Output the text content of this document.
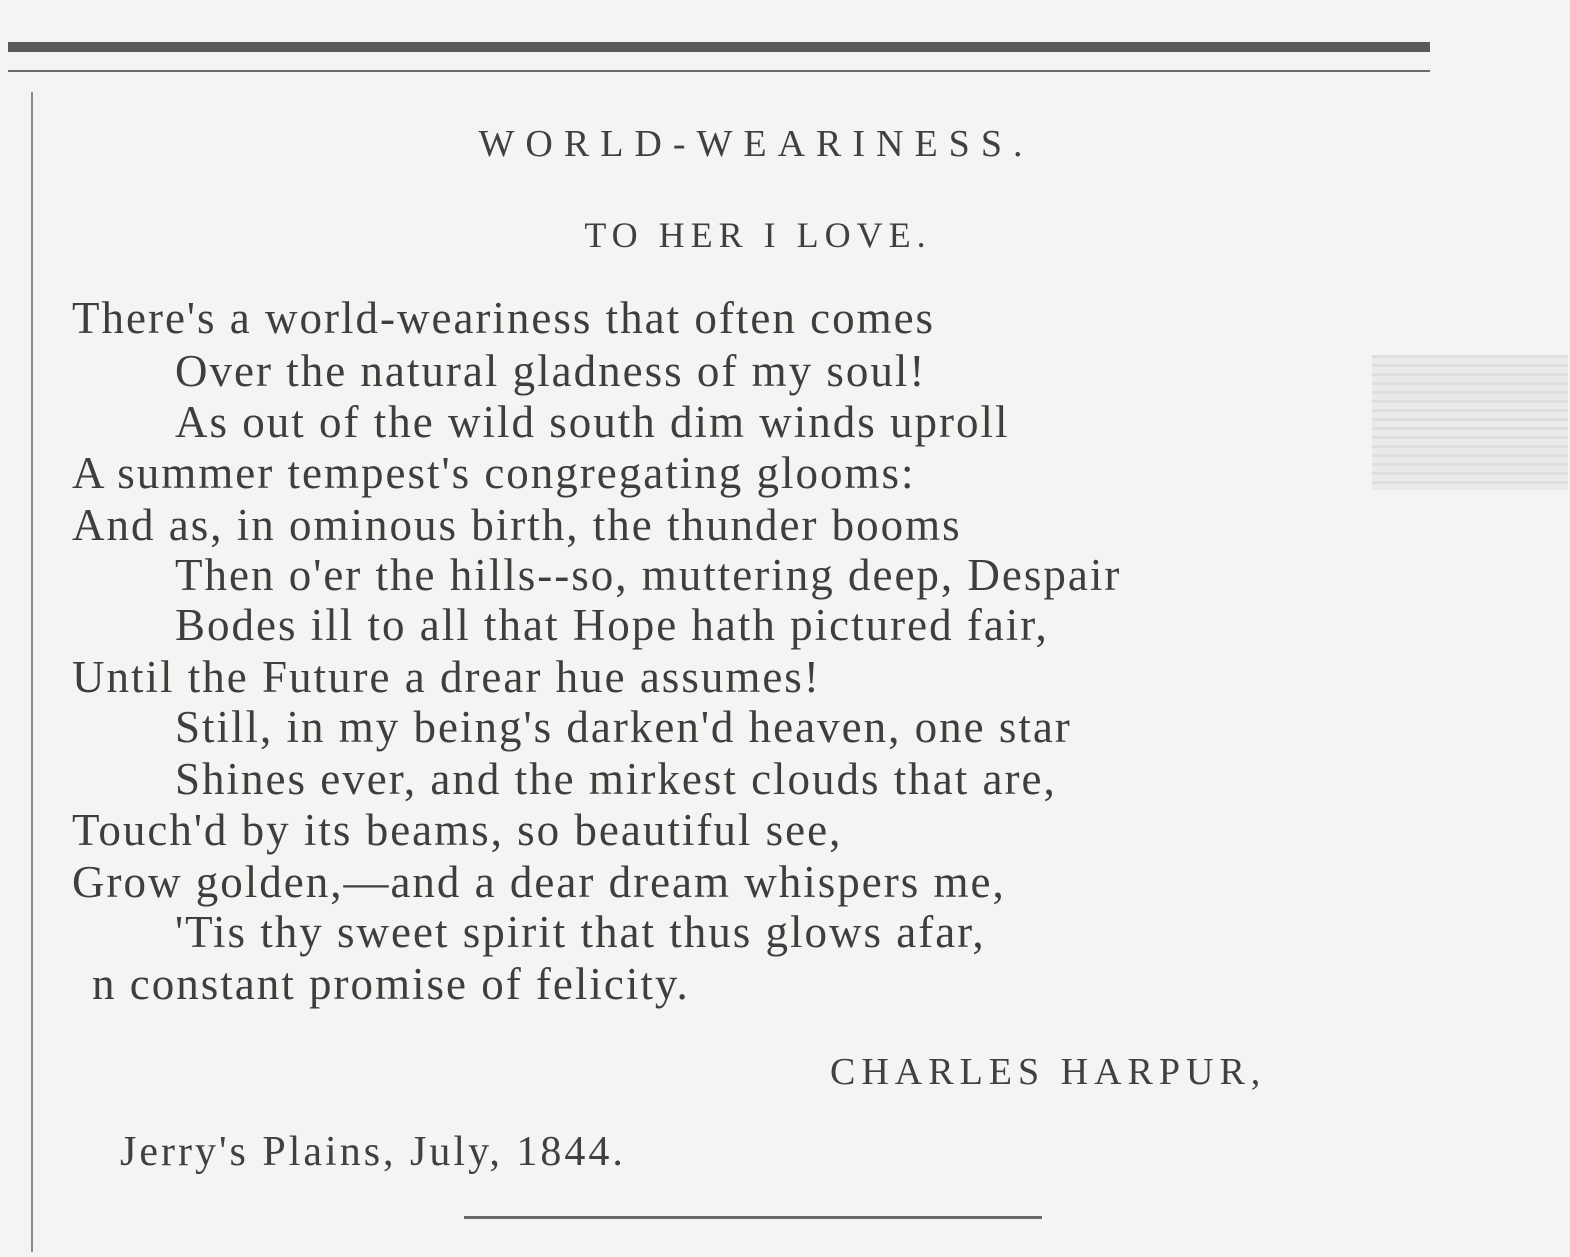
WORLD-WEARINESS.
TO HER I LOVE.
There's a world-weariness that often comes
Over the natural gladness of my soul!
As out of the wild south dim winds uproll
A summer tempest's congregating glooms:
And as, in ominous birth, the thunder booms
Then o'er the hills--so, muttering deep, Despair
Bodes ill to all that Hope hath pictured fair,
Until the Future a drear hue assumes!
Still, in my being's darken'd heaven, one star
Shines ever, and the mirkest clouds that are,
Touch'd by its beams, so beautiful see,
Grow golden,—and a dear dream whispers me,
'Tis thy sweet spirit that thus glows afar,
n constant promise of felicity.
CHARLES HARPUR,
Jerry's Plains, July, 1844.
